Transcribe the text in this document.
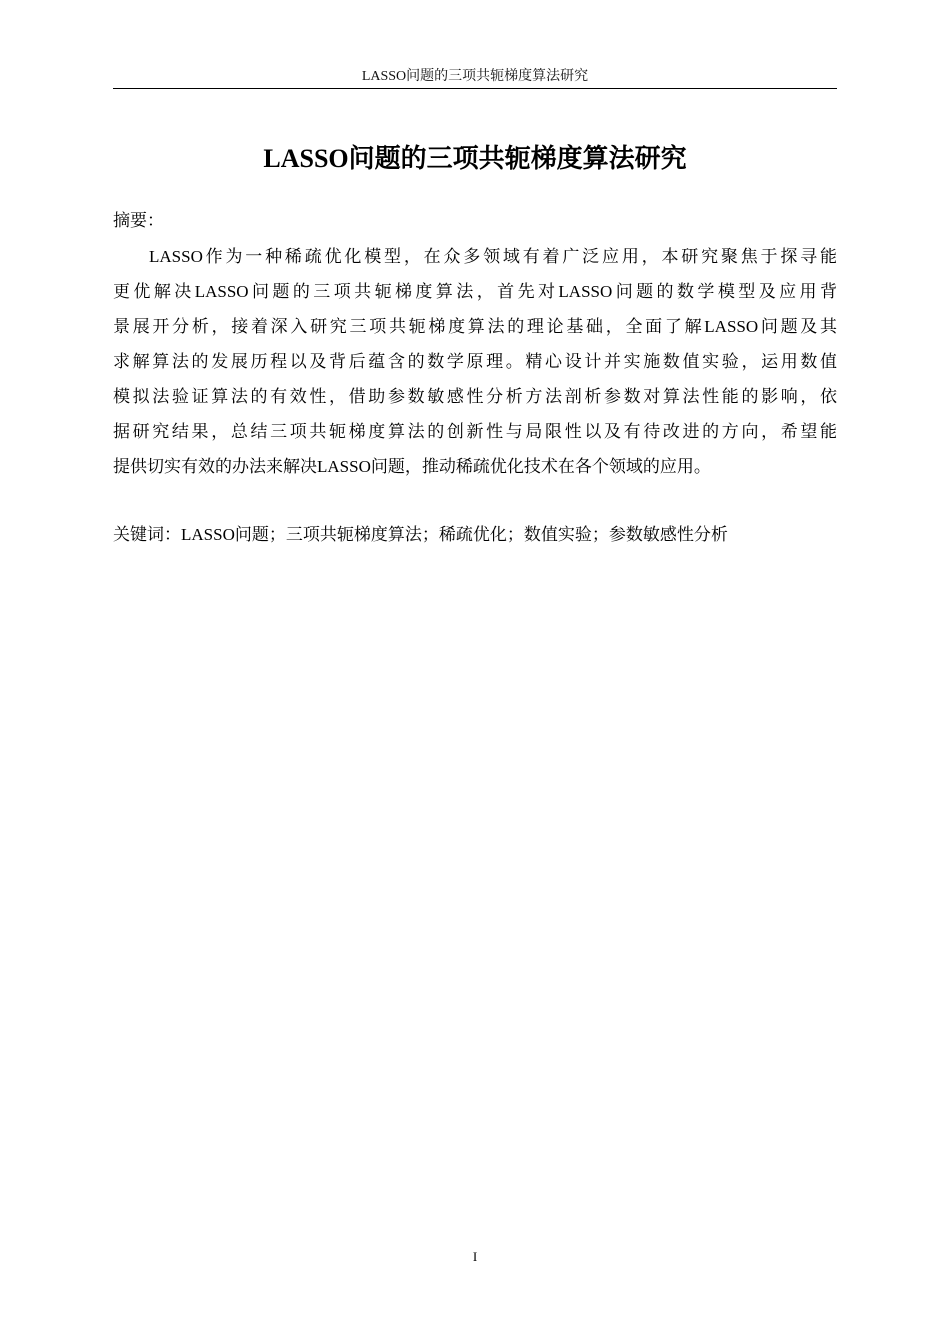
LASSO问题的三项共轭梯度算法研究
LASSO问题的三项共轭梯度算法研究
摘要：
LASSO作为一种稀疏优化模型，在众多领域有着广泛应用，本研究聚焦于探寻能
更优解决LASSO问题的三项共轭梯度算法，首先对LASSO问题的数学模型及应用背
景展开分析，接着深入研究三项共轭梯度算法的理论基础，全面了解LASSO问题及其
求解算法的发展历程以及背后蕴含的数学原理。精心设计并实施数值实验，运用数值
模拟法验证算法的有效性，借助参数敏感性分析方法剖析参数对算法性能的影响，依
据研究结果，总结三项共轭梯度算法的创新性与局限性以及有待改进的方向，希望能
提供切实有效的办法来解决LASSO问题，推动稀疏优化技术在各个领域的应用。
关键词：LASSO问题；三项共轭梯度算法；稀疏优化；数值实验；参数敏感性分析
I
